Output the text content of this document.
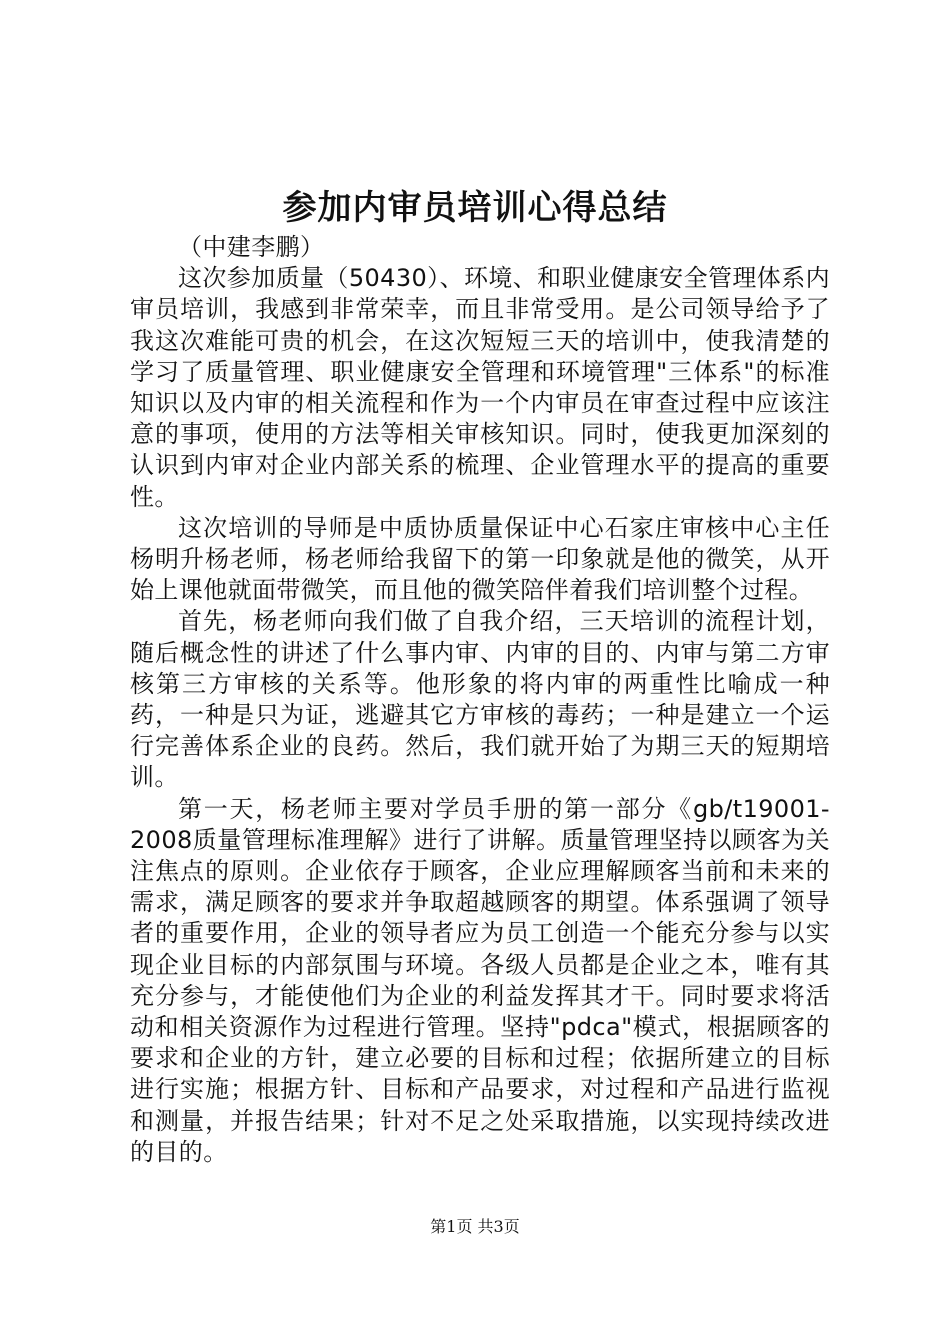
参加内审员培训心得总结

（中建李鹏）

这次参加质量（50430）、环境、和职业健康安全管理体系内审员培训，我感到非常荣幸，而且非常受用。是公司领导给予了我这次难能可贵的机会，在这次短短三天的培训中，使我清楚的学习了质量管理、职业健康安全管理和环境管理"三体系"的标准知识以及内审的相关流程和作为一个内审员在审查过程中应该注意的事项，使用的方法等相关审核知识。同时，使我更加深刻的认识到内审对企业内部关系的梳理、企业管理水平的提高的重要性。

这次培训的导师是中质协质量保证中心石家庄审核中心主任杨明升杨老师，杨老师给我留下的第一印象就是他的微笑，从开始上课他就面带微笑，而且他的微笑陪伴着我们培训整个过程。

首先，杨老师向我们做了自我介绍，三天培训的流程计划，随后概念性的讲述了什么事内审、内审的目的、内审与第二方审核第三方审核的关系等。他形象的将内审的两重性比喻成一种药，一种是只为证，逃避其它方审核的毒药；一种是建立一个运行完善体系企业的良药。然后，我们就开始了为期三天的短期培训。

第一天，杨老师主要对学员手册的第一部分《gb/t19001-2008质量管理标准理解》进行了讲解。质量管理坚持以顾客为关注焦点的原则。企业依存于顾客，企业应理解顾客当前和未来的需求，满足顾客的要求并争取超越顾客的期望。体系强调了领导者的重要作用，企业的领导者应为员工创造一个能充分参与以实现企业目标的内部氛围与环境。各级人员都是企业之本，唯有其充分参与，才能使他们为企业的利益发挥其才干。同时要求将活动和相关资源作为过程进行管理。坚持"pdca"模式，根据顾客的要求和企业的方针，建立必要的目标和过程；依据所建立的目标进行实施；根据方针、目标和产品要求，对过程和产品进行监视和测量，并报告结果；针对不足之处采取措施，以实现持续改进的目的。

第1页 共3页
